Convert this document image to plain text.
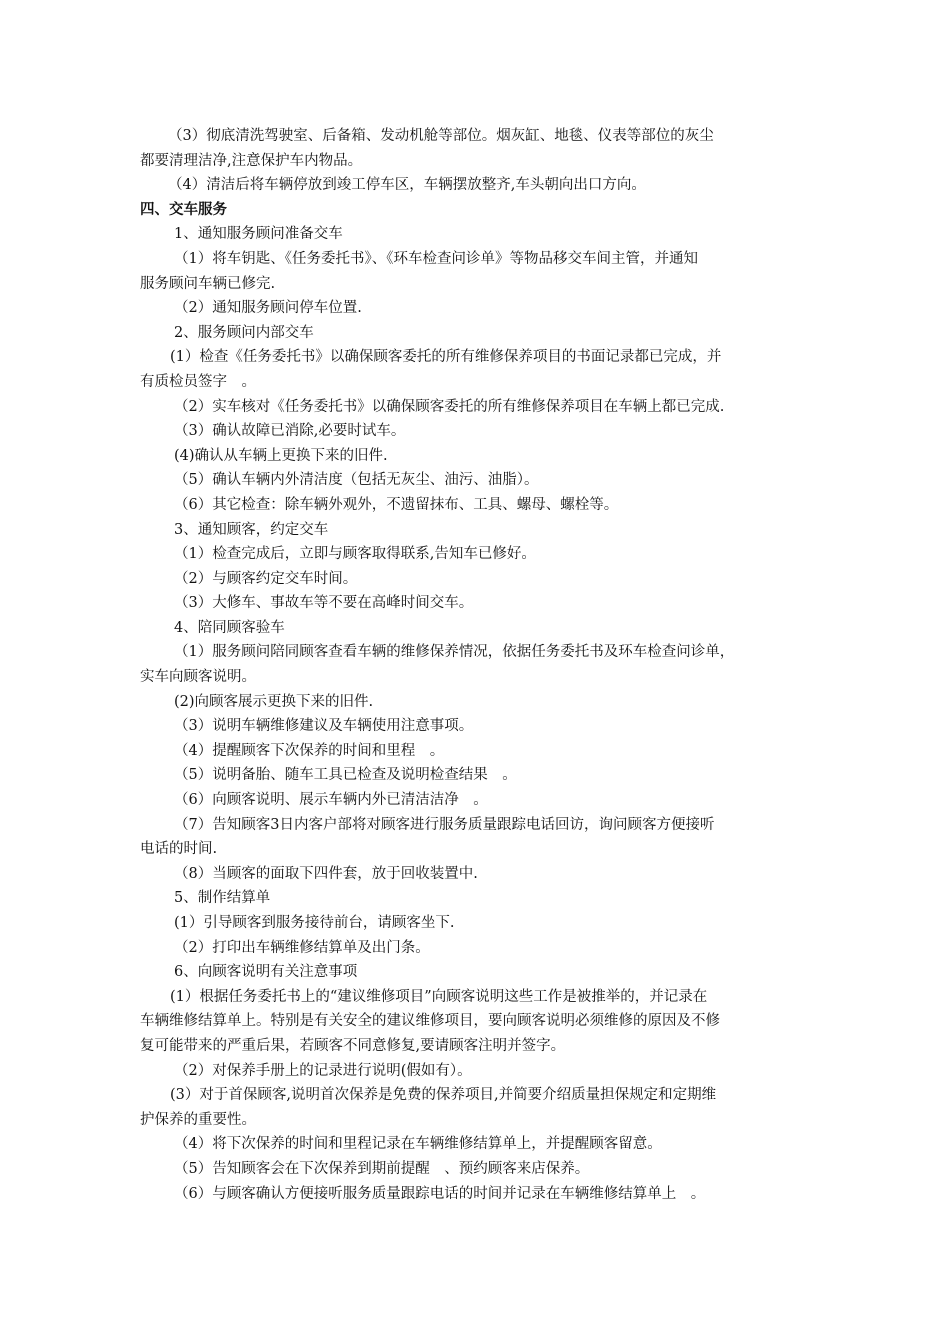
（3）彻底清洗驾驶室、后备箱、发动机舱等部位。烟灰缸、地毯、仪表等部位的灰尘

都要清理洁净,注意保护车内物品。

（4）清洁后将车辆停放到竣工停车区，车辆摆放整齐,车头朝向出口方向。

四、交车服务

1、通知服务顾问准备交车

（1）将车钥匙、《任务委托书》、《环车检查问诊单》等物品移交车间主管，并通知

服务顾问车辆已修完.

（2）通知服务顾问停车位置.

2、服务顾问内部交车

(1）检查《任务委托书》以确保顾客委托的所有维修保养项目的书面记录都已完成，并

有质检员签字　。

（2）实车核对《任务委托书》以确保顾客委托的所有维修保养项目在车辆上都已完成.

（3）确认故障已消除,必要时试车。

(4)确认从车辆上更换下来的旧件.

（5）确认车辆内外清洁度（包括无灰尘、油污、油脂）。

（6）其它检查：除车辆外观外，不遗留抹布、工具、螺母、螺栓等。

3、通知顾客，约定交车

（1）检查完成后，立即与顾客取得联系,告知车已修好。

（2）与顾客约定交车时间。

（3）大修车、事故车等不要在高峰时间交车。

4、陪同顾客验车

（1）服务顾问陪同顾客查看车辆的维修保养情况，依据任务委托书及环车检查问诊单，

实车向顾客说明。

(2)向顾客展示更换下来的旧件.

（3）说明车辆维修建议及车辆使用注意事项。

（4）提醒顾客下次保养的时间和里程　。

（5）说明备胎、随车工具已检查及说明检查结果　。

（6）向顾客说明、展示车辆内外已清洁洁净　。

（7）告知顾客3日内客户部将对顾客进行服务质量跟踪电话回访，询问顾客方便接听

电话的时间.

（8）当顾客的面取下四件套，放于回收装置中.

5、制作结算单

(1）引导顾客到服务接待前台，请顾客坐下.

（2）打印出车辆维修结算单及出门条。

6、向顾客说明有关注意事项

(1）根据任务委托书上的“建议维修项目”向顾客说明这些工作是被推举的，并记录在

车辆维修结算单上。特别是有关安全的建议维修项目，要向顾客说明必须维修的原因及不修

复可能带来的严重后果，若顾客不同意修复,要请顾客注明并签字。

（2）对保养手册上的记录进行说明(假如有）。

(3）对于首保顾客,说明首次保养是免费的保养项目,并简要介绍质量担保规定和定期维

护保养的重要性。

（4）将下次保养的时间和里程记录在车辆维修结算单上，并提醒顾客留意。

（5）告知顾客会在下次保养到期前提醒　、预约顾客来店保养。

（6）与顾客确认方便接听服务质量跟踪电话的时间并记录在车辆维修结算单上　。
